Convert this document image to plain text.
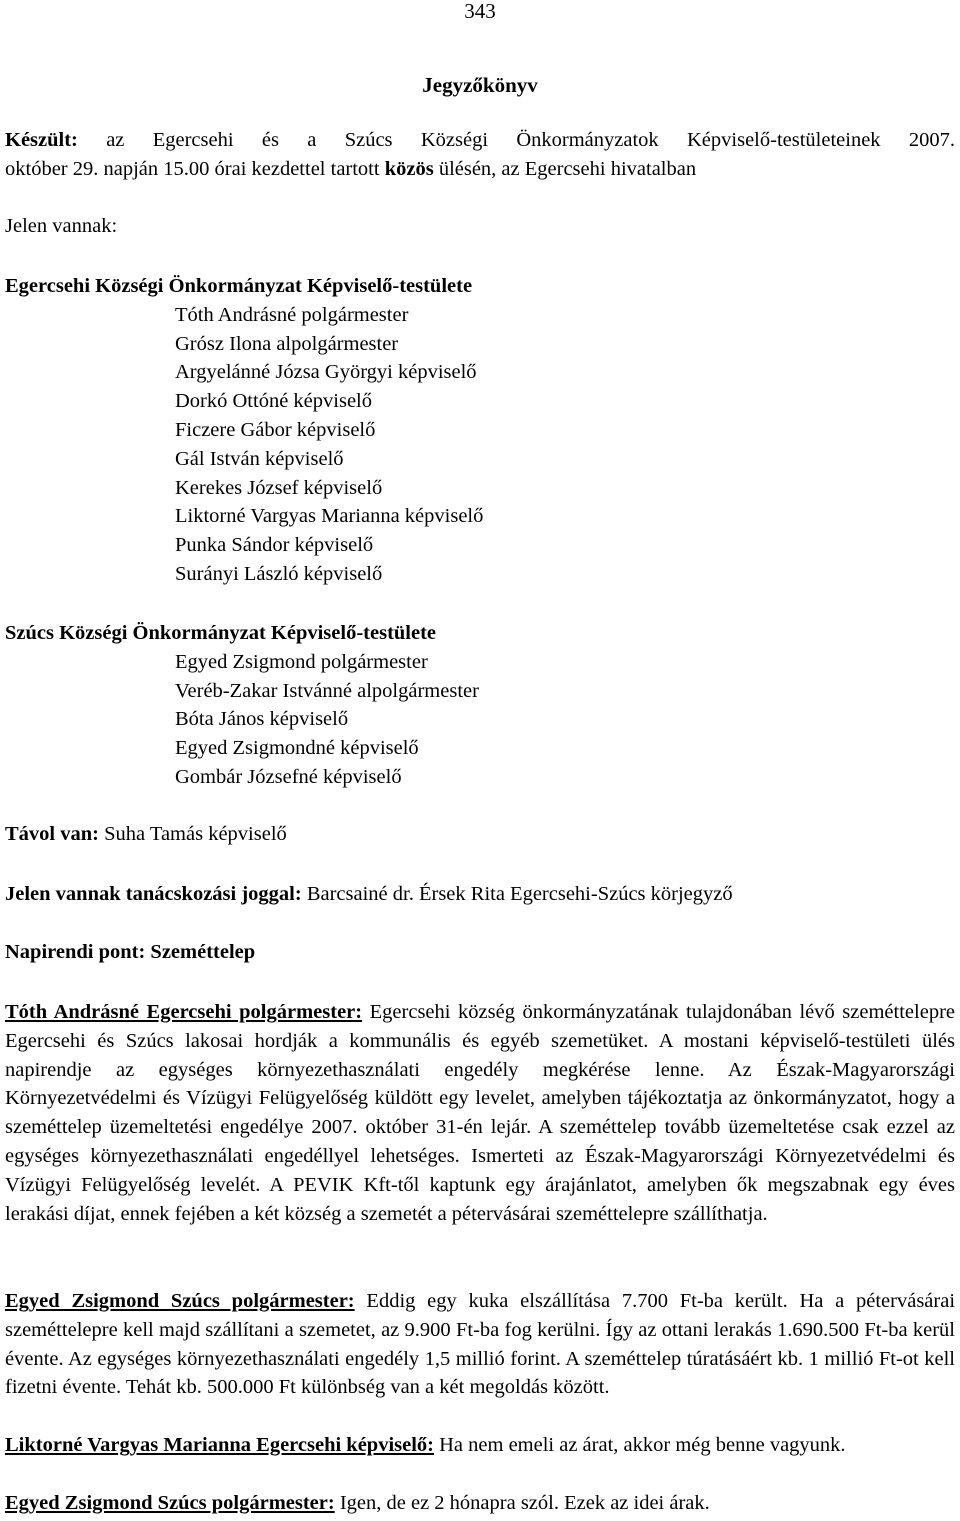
343
Jegyzőkönyv
Készült: az Egercsehi és a Szúcs Községi Önkormányzatok Képviselő-testületeinek 2007.
október 29. napján 15.00 órai kezdettel tartott közös ülésén, az Egercsehi hivatalban
Jelen vannak:
Egercsehi Községi Önkormányzat Képviselő-testülete
Tóth Andrásné polgármester
Grósz Ilona alpolgármester
Argyelánné Józsa Györgyi képviselő
Dorkó Ottóné képviselő
Ficzere Gábor képviselő
Gál István képviselő
Kerekes József képviselő
Liktorné Vargyas Marianna képviselő
Punka Sándor képviselő
Surányi László képviselő
Szúcs Községi Önkormányzat Képviselő-testülete
Egyed Zsigmond polgármester
Veréb-Zakar Istvánné alpolgármester
Bóta János képviselő
Egyed Zsigmondné képviselő
Gombár Józsefné képviselő
Távol van: Suha Tamás képviselő
Jelen vannak tanácskozási joggal: Barcsainé dr. Érsek Rita Egercsehi-Szúcs körjegyző
Napirendi pont: Szeméttelep
Tóth Andrásné Egercsehi polgármester: Egercsehi község önkormányzatának tulajdonában lévő szeméttelepre Egercsehi és Szúcs lakosai hordják a kommunális és egyéb szemetüket. A mostani képviselő-testületi ülés napirendje az egységes környezethasználati engedély megkérése lenne. Az Észak-Magyarországi Környezetvédelmi és Vízügyi Felügyelőség küldött egy levelet, amelyben tájékoztatja az önkormányzatot, hogy a szeméttelep üzemeltetési engedélye 2007. október 31-én lejár. A szeméttelep tovább üzemeltetése csak ezzel az egységes környezethasználati engedéllyel lehetséges. Ismerteti az Észak-Magyarországi Környezetvédelmi és Vízügyi Felügyelőség levelét. A PEVIK Kft-től kaptunk egy árajánlatot, amelyben ők megszabnak egy éves lerakási díjat, ennek fejében a két község a szemetét a pétervásárai szeméttelepre szállíthatja.
Egyed Zsigmond Szúcs polgármester: Eddig egy kuka elszállítása 7.700 Ft-ba került. Ha a pétervásárai szeméttelepre kell majd szállítani a szemetet, az 9.900 Ft-ba fog kerülni. Így az ottani lerakás 1.690.500 Ft-ba kerül évente. Az egységes környezethasználati engedély 1,5 millió forint. A szeméttelep túratásáért kb. 1 millió Ft-ot kell fizetni évente. Tehát kb. 500.000 Ft különbség van a két megoldás között.
Liktorné Vargyas Marianna Egercsehi képviselő: Ha nem emeli az árat, akkor még benne vagyunk.
Egyed Zsigmond Szúcs polgármester: Igen, de ez 2 hónapra szól. Ezek az idei árak.
